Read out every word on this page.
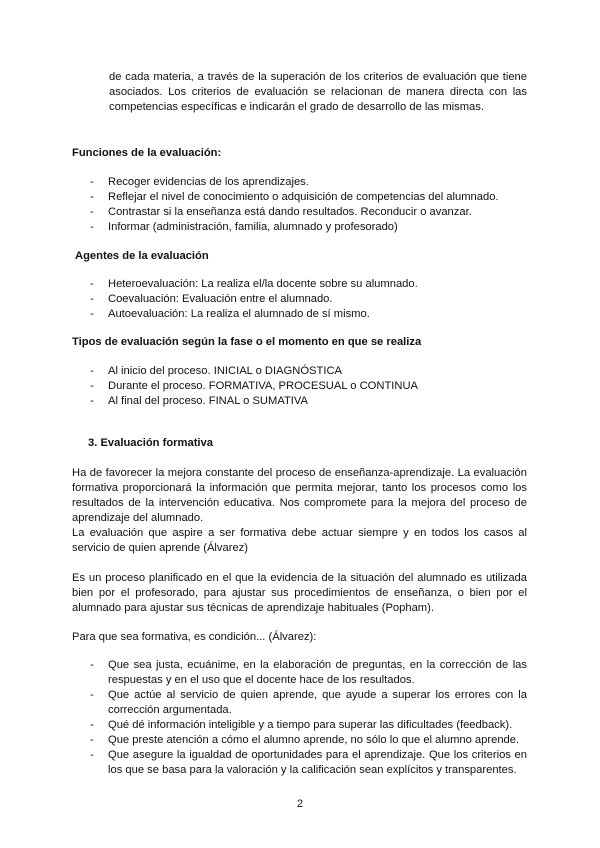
de cada materia, a través de la superación de los criterios de evaluación que tiene asociados. Los criterios de evaluación se relacionan de manera directa con las competencias específicas e indicarán el grado de desarrollo de las mismas.

Funciones de la evaluación:
- Recoger evidencias de los aprendizajes.
- Reflejar el nivel de conocimiento o adquisición de competencias del alumnado.
- Contrastar si la enseñanza está dando resultados. Reconducir o avanzar.
- Informar (administración, familia, alumnado y profesorado)
Agentes de la evaluación
- Heteroevaluación: La realiza el/la docente sobre su alumnado.
- Coevaluación: Evaluación entre el alumnado.
- Autoevaluación: La realiza el alumnado de sí mismo.
Tipos de evaluación según la fase o el momento en que se realiza
- Al inicio del proceso. INICIAL o DIAGNÓSTICA
- Durante el proceso. FORMATIVA, PROCESUAL o CONTINUA
- Al final del proceso. FINAL o SUMATIVA
3. Evaluación formativa

Ha de favorecer la mejora constante del proceso de enseñanza-aprendizaje. La evaluación formativa proporcionará la información que permita mejorar, tanto los procesos como los resultados de la intervención educativa. Nos compromete para la mejora del proceso de aprendizaje del alumnado.

La evaluación que aspire a ser formativa debe actuar siempre y en todos los casos al servicio de quien aprende (Álvarez)

Es un proceso planificado en el que la evidencia de la situación del alumnado es utilizada bien por el profesorado, para ajustar sus procedimientos de enseñanza, o bien por el alumnado para ajustar sus técnicas de aprendizaje habituales (Popham).

Para que sea formativa, es condición... (Álvarez):

- Que sea justa, ecuánime, en la elaboración de preguntas, en la corrección de las respuestas y en el uso que el docente hace de los resultados.
- Que actúe al servicio de quien aprende, que ayude a superar los errores con la corrección argumentada.
- Qué dé información inteligible y a tiempo para superar las dificultades (feedback).
- Que preste atención a cómo el alumno aprende, no sólo lo que el alumno aprende.
- Que asegure la igualdad de oportunidades para el aprendizaje. Que los criterios en los que se basa para la valoración y la calificación sean explícitos y transparentes.
2
